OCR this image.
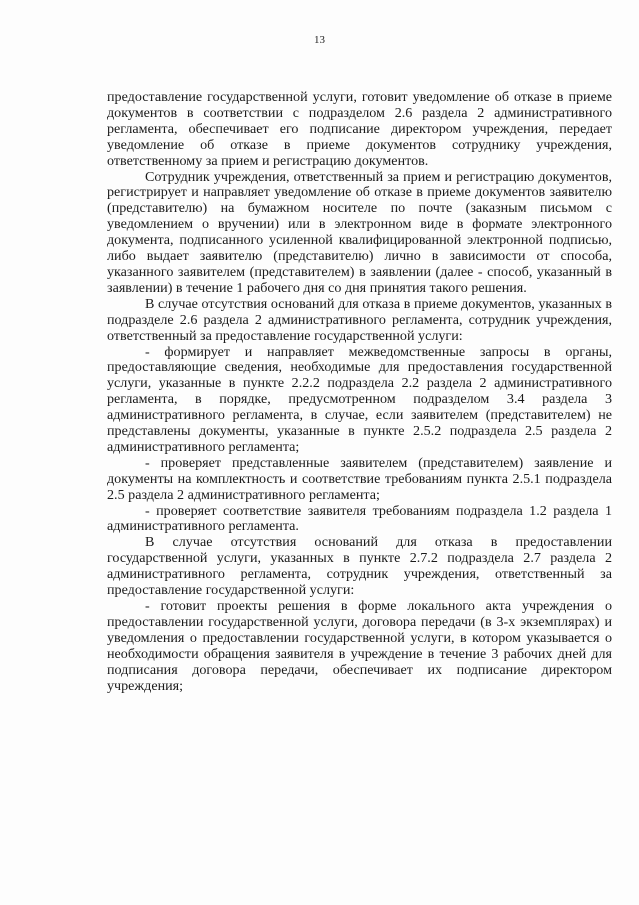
13

предоставление государственной услуги, готовит уведомление об отказе в приеме документов в соответствии с подразделом 2.6 раздела 2 административного регламента, обеспечивает его подписание директором учреждения, передает уведомление об отказе в приеме документов сотруднику учреждения, ответственному за прием и регистрацию документов.

Сотрудник учреждения, ответственный за прием и регистрацию документов, регистрирует и направляет уведомление об отказе в приеме документов заявителю (представителю) на бумажном носителе по почте (заказным письмом с уведомлением о вручении) или в электронном виде в формате электронного документа, подписанного усиленной квалифицированной электронной подписью, либо выдает заявителю (представителю) лично в зависимости от способа, указанного заявителем (представителем) в заявлении (далее - способ, указанный в заявлении) в течение 1 рабочего дня со дня принятия такого решения.

В случае отсутствия оснований для отказа в приеме документов, указанных в подразделе 2.6 раздела 2 административного регламента, сотрудник учреждения, ответственный за предоставление государственной услуги:

- формирует и направляет межведомственные запросы в органы, предоставляющие сведения, необходимые для предоставления государственной услуги, указанные в пункте 2.2.2 подраздела 2.2 раздела 2 административного регламента, в порядке, предусмотренном подразделом 3.4 раздела 3 административного регламента, в случае, если заявителем (представителем) не представлены документы, указанные в пункте 2.5.2 подраздела 2.5 раздела 2 административного регламента;

- проверяет представленные заявителем (представителем) заявление и документы на комплектность и соответствие требованиям пункта 2.5.1 подраздела 2.5 раздела 2 административного регламента;

- проверяет соответствие заявителя требованиям подраздела 1.2 раздела 1 административного регламента.

В случае отсутствия оснований для отказа в предоставлении государственной услуги, указанных в пункте 2.7.2 подраздела 2.7 раздела 2 административного регламента, сотрудник учреждения, ответственный за предоставление государственной услуги:

- готовит проекты решения в форме локального акта учреждения о предоставлении государственной услуги, договора передачи (в 3-х экземплярах) и уведомления о предоставлении государственной услуги, в котором указывается о необходимости обращения заявителя в учреждение в течение 3 рабочих дней для подписания договора передачи, обеспечивает их подписание директором учреждения;
